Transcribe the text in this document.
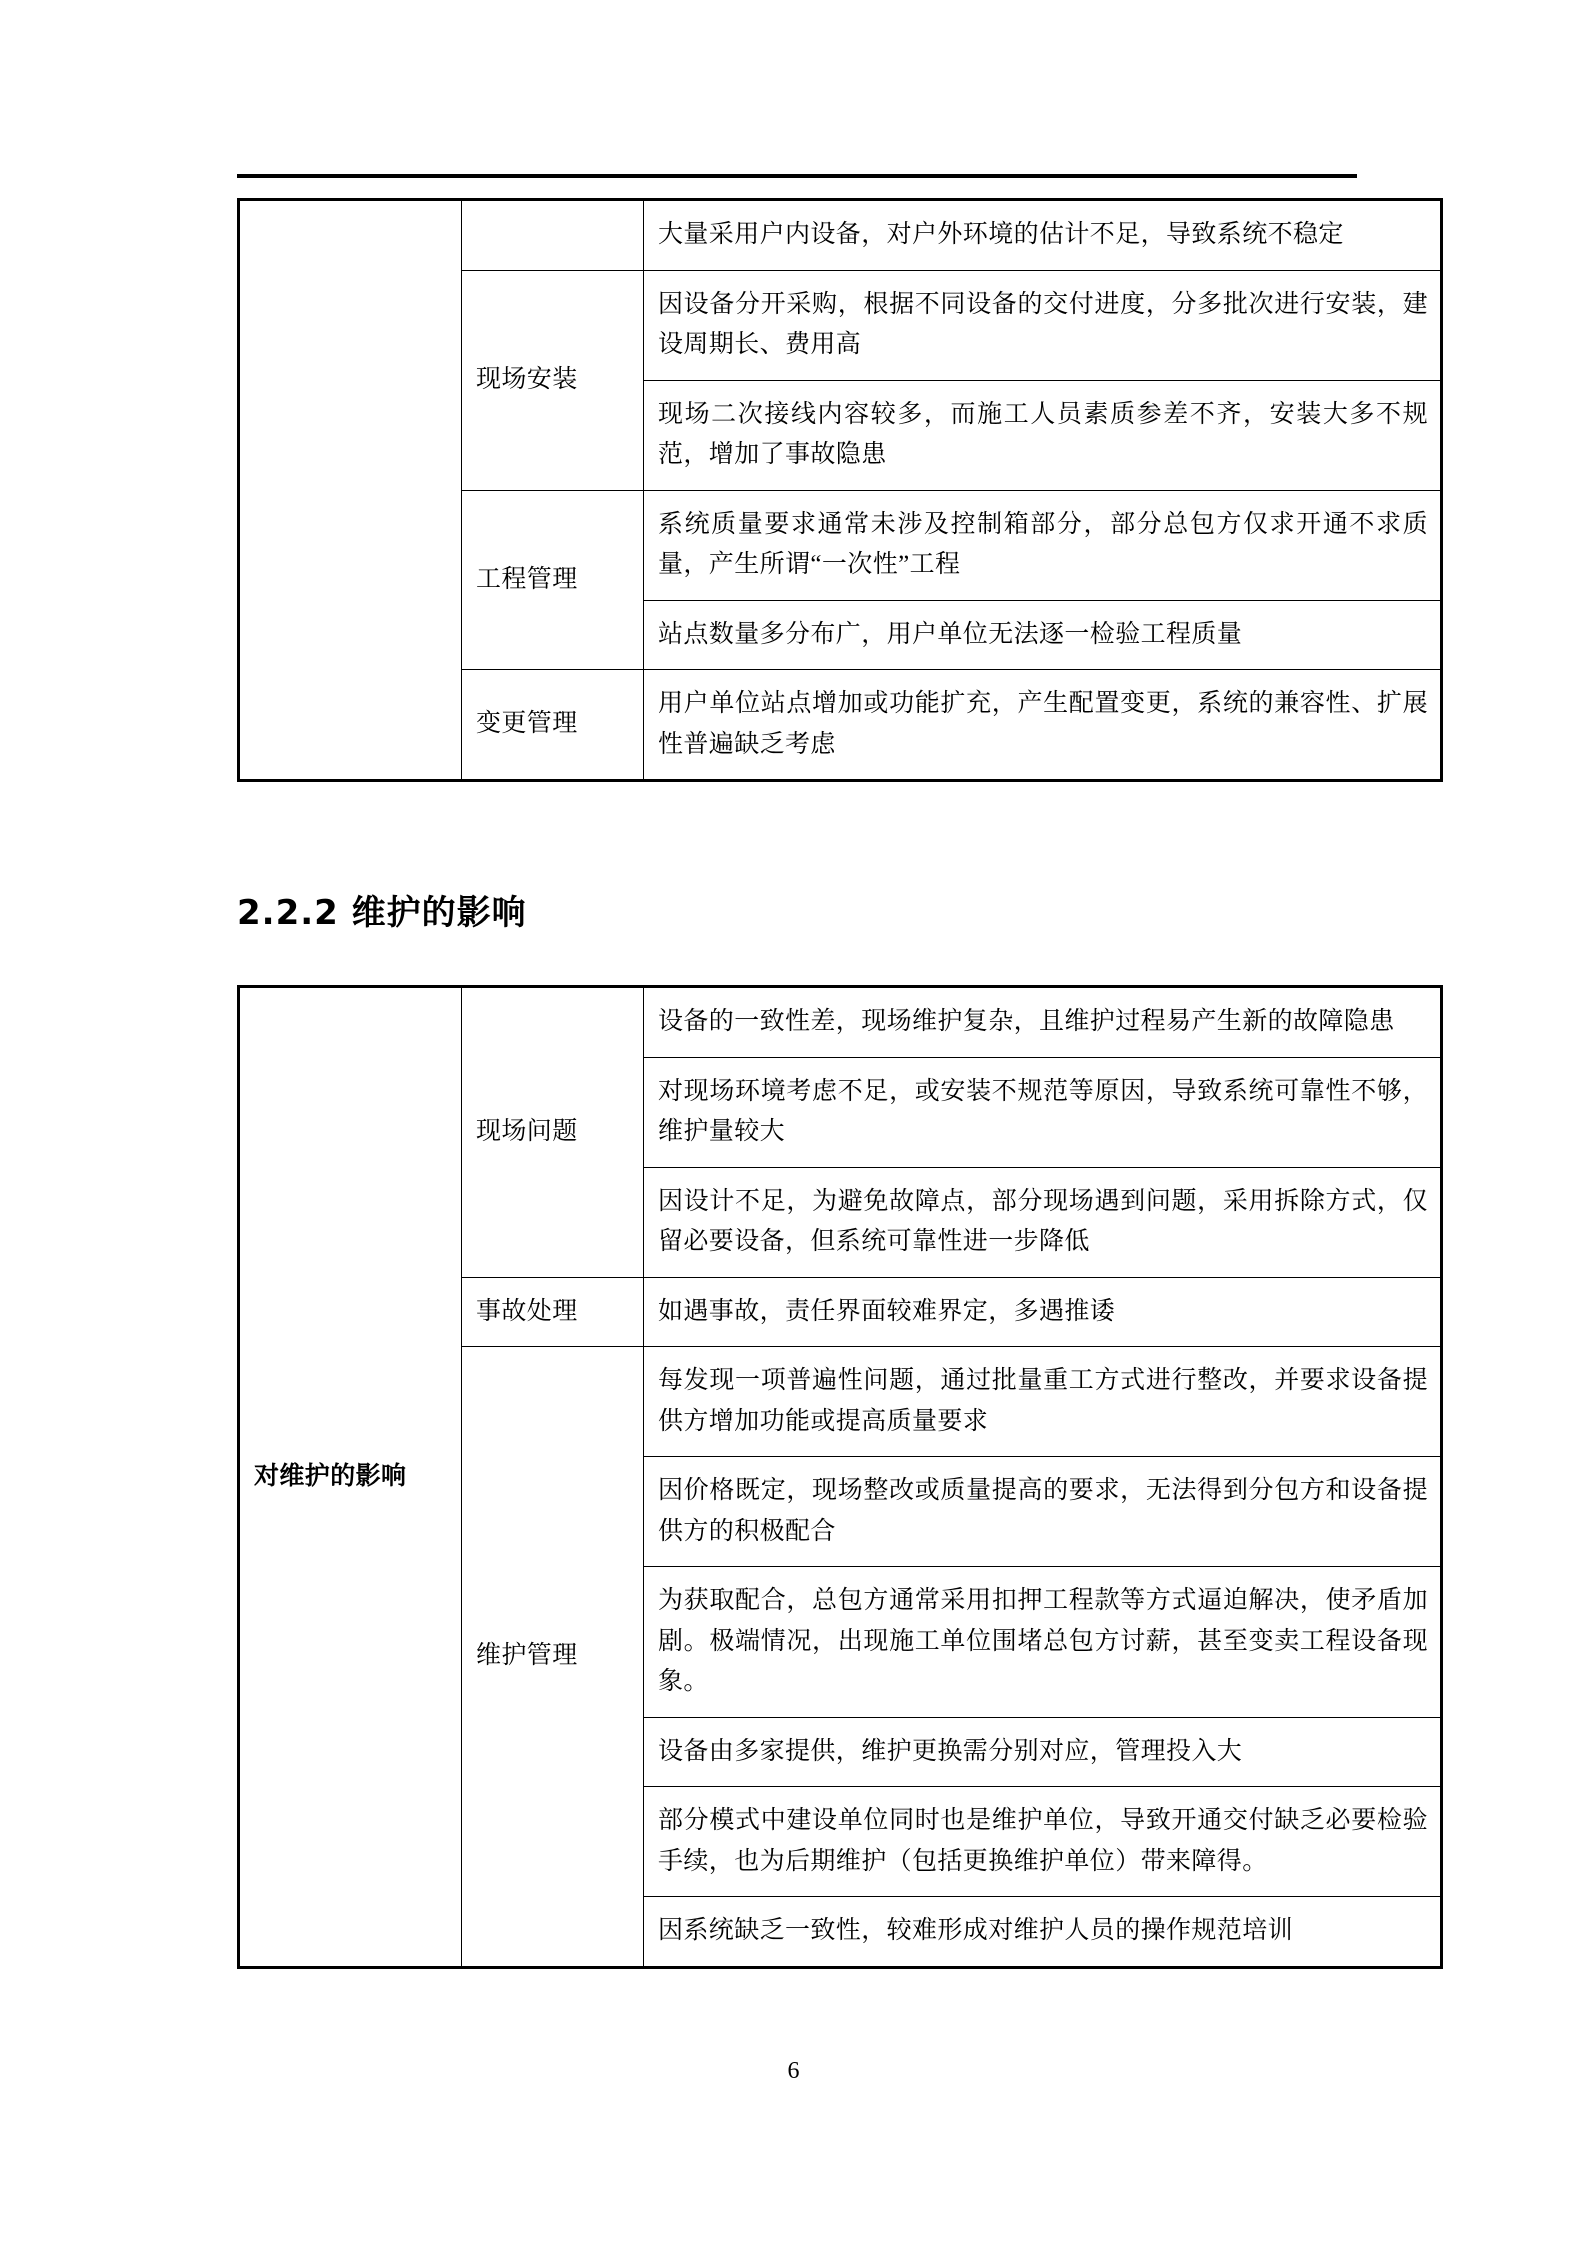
		大量采用户内设备，对户外环境的估计不足，导致系统不稳定
	现场安装	因设备分开采购，根据不同设备的交付进度，分多批次进行安装，建设周期长、费用高
		现场二次接线内容较多，而施工人员素质参差不齐，安装大多不规范，增加了事故隐患
	工程管理	系统质量要求通常未涉及控制箱部分，部分总包方仅求开通不求质量，产生所谓“一次性”工程
		站点数量多分布广，用户单位无法逐一检验工程质量
	变更管理	用户单位站点增加或功能扩充，产生配置变更，系统的兼容性、扩展性普遍缺乏考虑
2.2.2 维护的影响
对维护的影响	现场问题	设备的一致性差，现场维护复杂，且维护过程易产生新的故障隐患
		对现场环境考虑不足，或安装不规范等原因，导致系统可靠性不够，维护量较大
		因设计不足，为避免故障点，部分现场遇到问题，采用拆除方式，仅留必要设备，但系统可靠性进一步降低
	事故处理	如遇事故，责任界面较难界定，多遇推诿
	维护管理	每发现一项普遍性问题，通过批量重工方式进行整改，并要求设备提供方增加功能或提高质量要求
		因价格既定，现场整改或质量提高的要求，无法得到分包方和设备提供方的积极配合
		为获取配合，总包方通常采用扣押工程款等方式逼迫解决，使矛盾加剧。极端情况，出现施工单位围堵总包方讨薪，甚至变卖工程设备现象。
		设备由多家提供，维护更换需分别对应，管理投入大
		部分模式中建设单位同时也是维护单位，导致开通交付缺乏必要检验手续，也为后期维护（包括更换维护单位）带来障得。
		因系统缺乏一致性，较难形成对维护人员的操作规范培训
6
